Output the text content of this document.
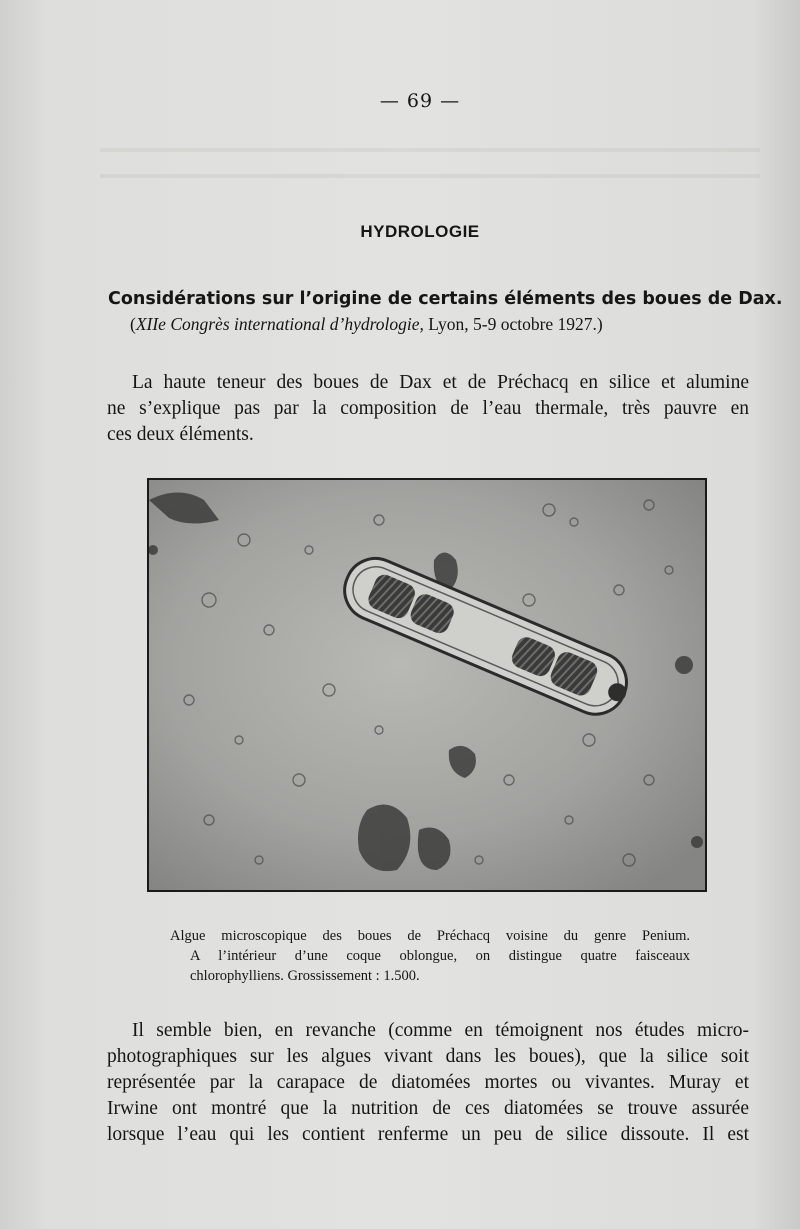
— 69 —
HYDROLOGIE
Considérations sur l’origine de certains éléments des boues de Dax.
(XIIe Congrès international d’hydrologie, Lyon, 5-9 octobre 1927.)
La haute teneur des boues de Dax et de Préchacq en silice et alumine
ne s’explique pas par la composition de l’eau thermale, très pauvre en
ces deux éléments.
Algue microscopique des boues de Préchacq voisine du genre Penium.
A l’intérieur d’une coque oblongue, on distingue quatre faisceaux
chlorophylliens. Grossissement : 1.500.
Il semble bien, en revanche (comme en témoignent nos études micro-
photographiques sur les algues vivant dans les boues), que la silice soit
représentée par la carapace de diatomées mortes ou vivantes. Muray et
Irwine ont montré que la nutrition de ces diatomées se trouve assurée
lorsque l’eau qui les contient renferme un peu de silice dissoute. Il est
